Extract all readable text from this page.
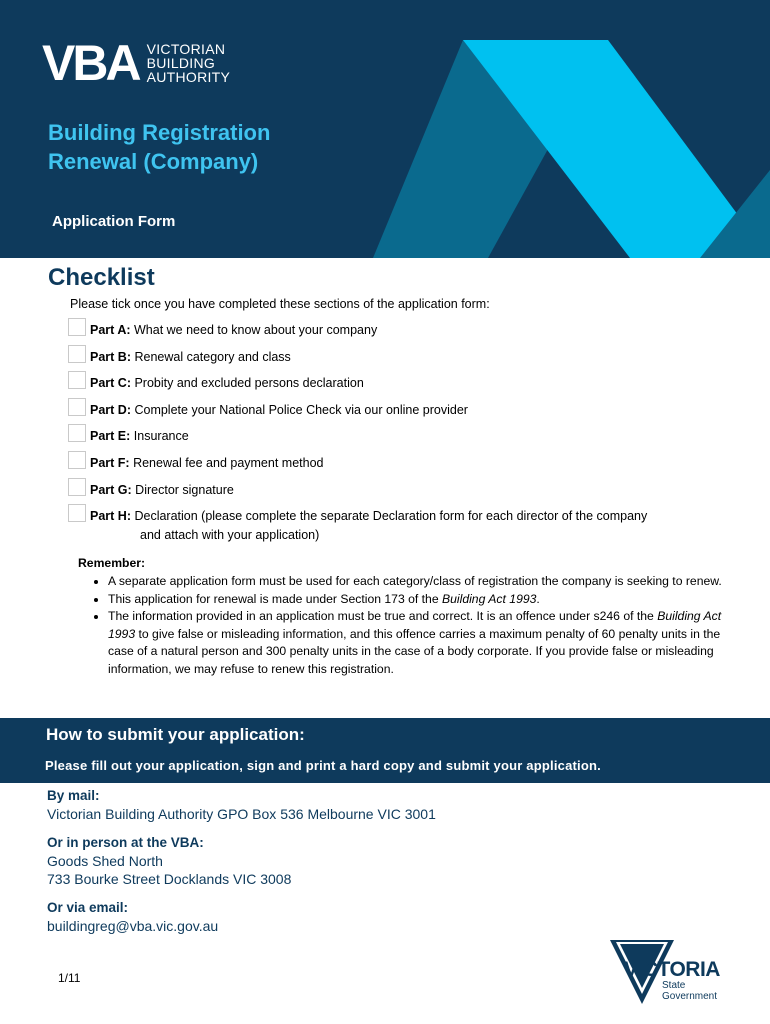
VBA VICTORIAN
BUILDING
AUTHORITY
Building Registration
Renewal (Company)
Application Form
Checklist
Please tick once you have completed these sections of the application form:
Part A: What we need to know about your company
Part B: Renewal category and class
Part C: Probity and excluded persons declaration
Part D: Complete your National Police Check via our online provider
Part E: Insurance
Part F: Renewal fee and payment method
Part G: Director signature
Part H: Declaration (please complete the separate Declaration form for each director of the company
and attach with your application)
Remember:
• A separate application form must be used for each category/class of registration the company is seeking to renew.
• This application for renewal is made under Section 173 of the Building Act 1993.
• The information provided in an application must be true and correct. It is an offence under s246 of the Building Act 1993 to give false or misleading information, and this offence carries a maximum penalty of 60 penalty units in the case of a natural person and 300 penalty units in the case of a body corporate. If you provide false or misleading information, we may refuse to renew this registration.
How to submit your application:
Please fill out your application, sign and print a hard copy and submit your application.
By mail:
Victorian Building Authority GPO Box 536 Melbourne VIC 3001
Or in person at the VBA:
Goods Shed North
733 Bourke Street Docklands VIC 3008
Or via email:
buildingreg@vba.vic.gov.au
1/11	VICTORIA
State
Government
